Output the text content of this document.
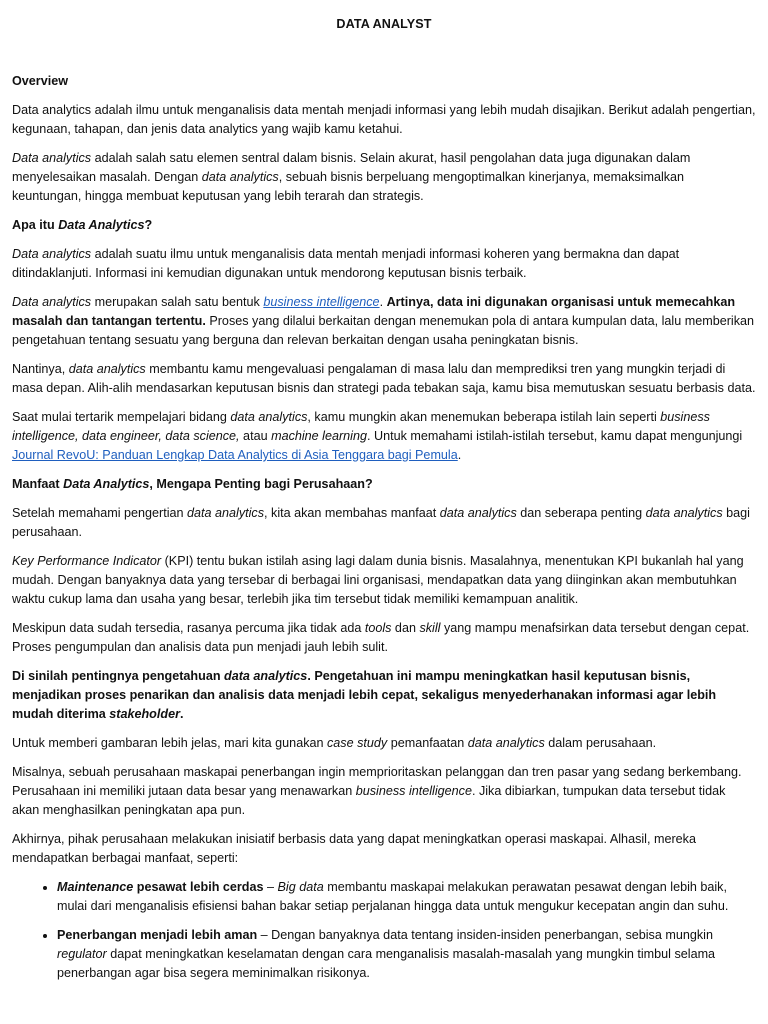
DATA ANALYST

Overview

Data analytics adalah ilmu untuk menganalisis data mentah menjadi informasi yang lebih mudah disajikan. Berikut adalah pengertian, kegunaan, tahapan, dan jenis data analytics yang wajib kamu ketahui.

Data analytics adalah salah satu elemen sentral dalam bisnis. Selain akurat, hasil pengolahan data juga digunakan dalam menyelesaikan masalah. Dengan data analytics, sebuah bisnis berpeluang mengoptimalkan kinerjanya, memaksimalkan keuntungan, hingga membuat keputusan yang lebih terarah dan strategis.

Apa itu Data Analytics?

Data analytics adalah suatu ilmu untuk menganalisis data mentah menjadi informasi koheren yang bermakna dan dapat ditindaklanjuti. Informasi ini kemudian digunakan untuk mendorong keputusan bisnis terbaik.

Data analytics merupakan salah satu bentuk business intelligence. Artinya, data ini digunakan organisasi untuk memecahkan masalah dan tantangan tertentu. Proses yang dilalui berkaitan dengan menemukan pola di antara kumpulan data, lalu memberikan pengetahuan tentang sesuatu yang berguna dan relevan berkaitan dengan usaha peningkatan bisnis.

Nantinya, data analytics membantu kamu mengevaluasi pengalaman di masa lalu dan memprediksi tren yang mungkin terjadi di masa depan. Alih-alih mendasarkan keputusan bisnis dan strategi pada tebakan saja, kamu bisa memutuskan sesuatu berbasis data.

Saat mulai tertarik mempelajari bidang data analytics, kamu mungkin akan menemukan beberapa istilah lain seperti business intelligence, data engineer, data science, atau machine learning. Untuk memahami istilah-istilah tersebut, kamu dapat mengunjungi Journal RevoU: Panduan Lengkap Data Analytics di Asia Tenggara bagi Pemula.

Manfaat Data Analytics, Mengapa Penting bagi Perusahaan?

Setelah memahami pengertian data analytics, kita akan membahas manfaat data analytics dan seberapa penting data analytics bagi perusahaan.

Key Performance Indicator (KPI) tentu bukan istilah asing lagi dalam dunia bisnis. Masalahnya, menentukan KPI bukanlah hal yang mudah. Dengan banyaknya data yang tersebar di berbagai lini organisasi, mendapatkan data yang diinginkan akan membutuhkan waktu cukup lama dan usaha yang besar, terlebih jika tim tersebut tidak memiliki kemampuan analitik.

Meskipun data sudah tersedia, rasanya percuma jika tidak ada tools dan skill yang mampu menafsirkan data tersebut dengan cepat. Proses pengumpulan dan analisis data pun menjadi jauh lebih sulit.

Di sinilah pentingnya pengetahuan data analytics. Pengetahuan ini mampu meningkatkan hasil keputusan bisnis, menjadikan proses penarikan dan analisis data menjadi lebih cepat, sekaligus menyederhanakan informasi agar lebih mudah diterima stakeholder.

Untuk memberi gambaran lebih jelas, mari kita gunakan case study pemanfaatan data analytics dalam perusahaan.

Misalnya, sebuah perusahaan maskapai penerbangan ingin memprioritaskan pelanggan dan tren pasar yang sedang berkembang. Perusahaan ini memiliki jutaan data besar yang menawarkan business intelligence. Jika dibiarkan, tumpukan data tersebut tidak akan menghasilkan peningkatan apa pun.

Akhirnya, pihak perusahaan melakukan inisiatif berbasis data yang dapat meningkatkan operasi maskapai. Alhasil, mereka mendapatkan berbagai manfaat, seperti:

• Maintenance pesawat lebih cerdas – Big data membantu maskapai melakukan perawatan pesawat dengan lebih baik, mulai dari menganalisis efisiensi bahan bakar setiap perjalanan hingga data untuk mengukur kecepatan angin dan suhu.
• Penerbangan menjadi lebih aman – Dengan banyaknya data tentang insiden-insiden penerbangan, sebisa mungkin regulator dapat meningkatkan keselamatan dengan cara menganalisis masalah-masalah yang mungkin timbul selama penerbangan agar bisa segera meminimalkan risikonya.
